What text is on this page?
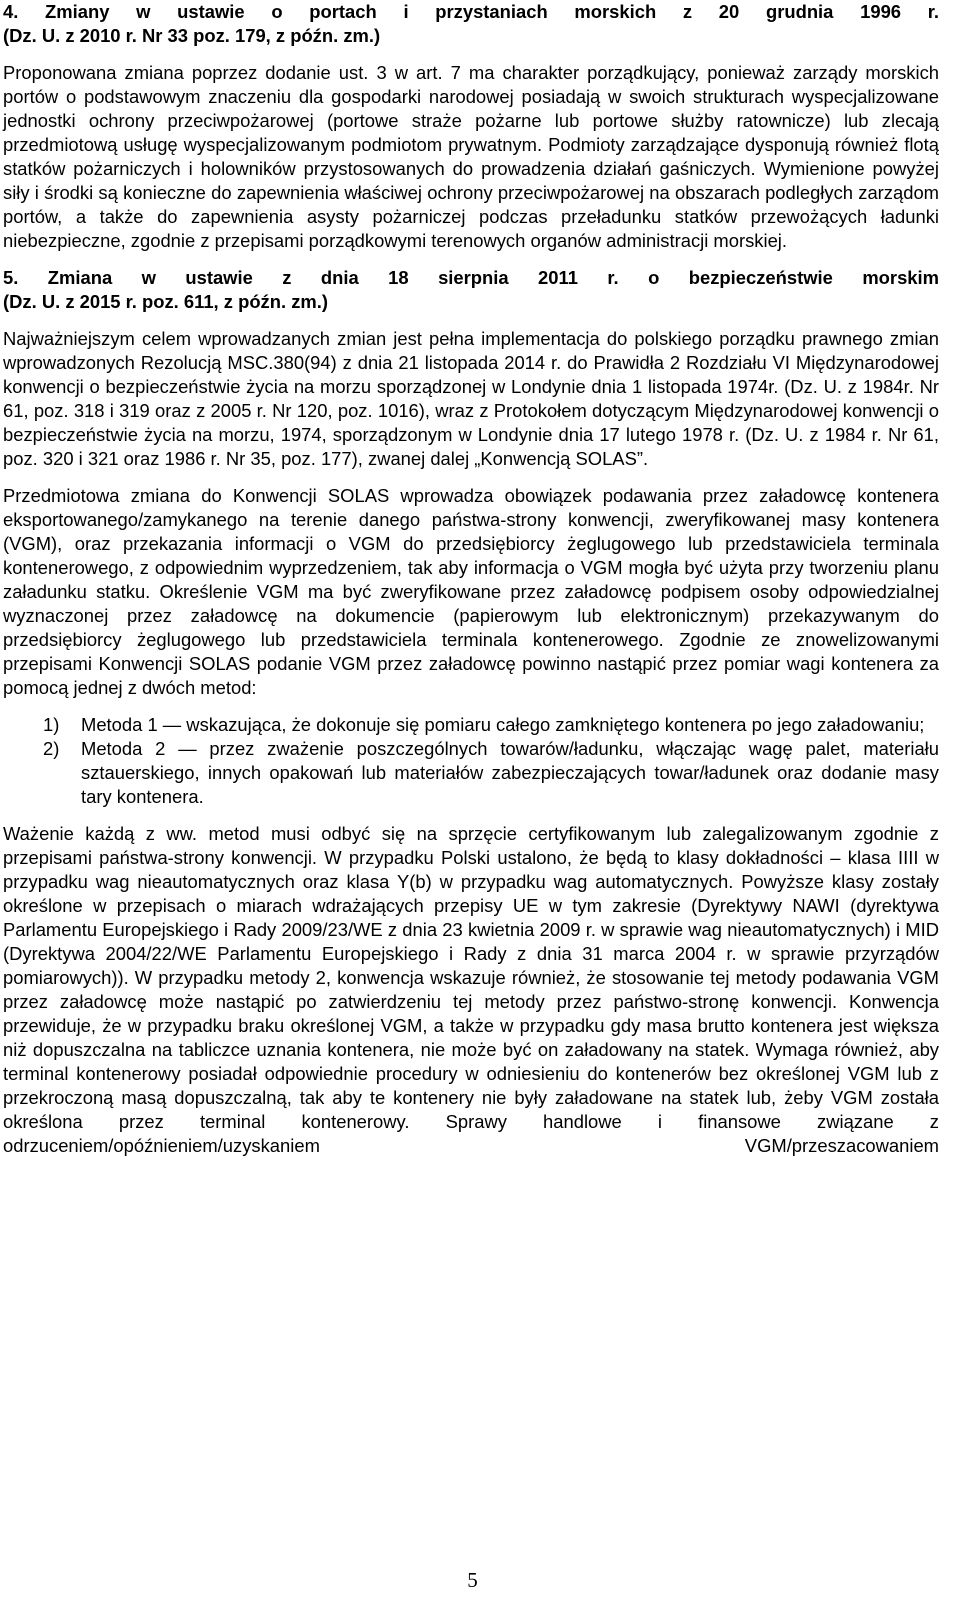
4. Zmiany w ustawie o portach i przystaniach morskich z 20 grudnia 1996 r.
(Dz. U. z 2010 r. Nr 33 poz. 179, z późn. zm.)

Proponowana zmiana poprzez dodanie ust. 3 w art. 7 ma charakter porządkujący, ponieważ zarządy morskich portów o podstawowym znaczeniu dla gospodarki narodowej posiadają w swoich strukturach wyspecjalizowane jednostki ochrony przeciwpożarowej (portowe straże pożarne lub portowe służby ratownicze) lub zlecają przedmiotową usługę wyspecjalizowanym podmiotom prywatnym. Podmioty zarządzające dysponują również flotą statków pożarniczych i holowników przystosowanych do prowadzenia działań gaśniczych. Wymienione powyżej siły i środki są konieczne do zapewnienia właściwej ochrony przeciwpożarowej na obszarach podległych zarządom portów, a także do zapewnienia asysty pożarniczej podczas przeładunku statków przewożących ładunki niebezpieczne, zgodnie z przepisami porządkowymi terenowych organów administracji morskiej.

5. Zmiana w ustawie z dnia 18 sierpnia 2011 r. o bezpieczeństwie morskim
(Dz. U. z 2015 r. poz. 611, z późn. zm.)

Najważniejszym celem wprowadzanych zmian jest pełna implementacja do polskiego porządku prawnego zmian wprowadzonych Rezolucją MSC.380(94) z dnia 21 listopada 2014 r. do Prawidła 2 Rozdziału VI Międzynarodowej konwencji o bezpieczeństwie życia na morzu sporządzonej w Londynie dnia 1 listopada 1974r. (Dz. U. z 1984r. Nr 61, poz. 318 i 319 oraz z 2005 r. Nr 120, poz. 1016), wraz z Protokołem dotyczącym Międzynarodowej konwencji o bezpieczeństwie życia na morzu, 1974, sporządzonym w Londynie dnia 17 lutego 1978 r. (Dz. U. z 1984 r. Nr 61, poz. 320 i 321 oraz 1986 r. Nr 35, poz. 177), zwanej dalej „Konwencją SOLAS”.

Przedmiotowa zmiana do Konwencji SOLAS wprowadza obowiązek podawania przez załadowcę kontenera eksportowanego/zamykanego na terenie danego państwa-strony konwencji, zweryfikowanej masy kontenera (VGM), oraz przekazania informacji o VGM do przedsiębiorcy żeglugowego lub przedstawiciela terminala kontenerowego, z odpowiednim wyprzedzeniem, tak aby informacja o VGM mogła być użyta przy tworzeniu planu załadunku statku. Określenie VGM ma być zweryfikowane przez załadowcę podpisem osoby odpowiedzialnej wyznaczonej przez załadowcę na dokumencie (papierowym lub elektronicznym) przekazywanym do przedsiębiorcy żeglugowego lub przedstawiciela terminala kontenerowego. Zgodnie ze znowelizowanymi przepisami Konwencji SOLAS podanie VGM przez załadowcę powinno nastąpić przez pomiar wagi kontenera za pomocą jednej z dwóch metod:

1)	Metoda 1 — wskazująca, że dokonuje się pomiaru całego zamkniętego kontenera po jego załadowaniu;
2)	Metoda 2 — przez zważenie poszczególnych towarów/ładunku, włączając wagę palet, materiału sztauerskiego, innych opakowań lub materiałów zabezpieczających towar/ładunek oraz dodanie masy tary kontenera.

Ważenie każdą z ww. metod musi odbyć się na sprzęcie certyfikowanym lub zalegalizowanym zgodnie z przepisami państwa-strony konwencji. W przypadku Polski ustalono, że będą to klasy dokładności – klasa IIII w przypadku wag nieautomatycznych oraz klasa Y(b) w przypadku wag automatycznych. Powyższe klasy zostały określone w przepisach o miarach wdrażających przepisy UE w tym zakresie (Dyrektywy NAWI (dyrektywa Parlamentu Europejskiego i Rady 2009/23/WE z dnia 23 kwietnia 2009 r. w sprawie wag nieautomatycznych) i MID (Dyrektywa 2004/22/WE Parlamentu Europejskiego i Rady z dnia 31 marca 2004 r. w sprawie przyrządów pomiarowych)). W przypadku metody 2, konwencja wskazuje również, że stosowanie tej metody podawania VGM przez załadowcę może nastąpić po zatwierdzeniu tej metody przez państwo-stronę konwencji. Konwencja przewiduje, że w przypadku braku określonej VGM, a także w przypadku gdy masa brutto kontenera jest większa niż dopuszczalna na tabliczce uznania kontenera, nie może być on załadowany na statek. Wymaga również, aby terminal kontenerowy posiadał odpowiednie procedury w odniesieniu do kontenerów bez określonej VGM lub z przekroczoną masą dopuszczalną, tak aby te kontenery nie były załadowane na statek lub, żeby VGM została określona przez terminal kontenerowy. Sprawy handlowe i finansowe związane z odrzuceniem/opóźnieniem/uzyskaniem VGM/przeszacowaniem

5
